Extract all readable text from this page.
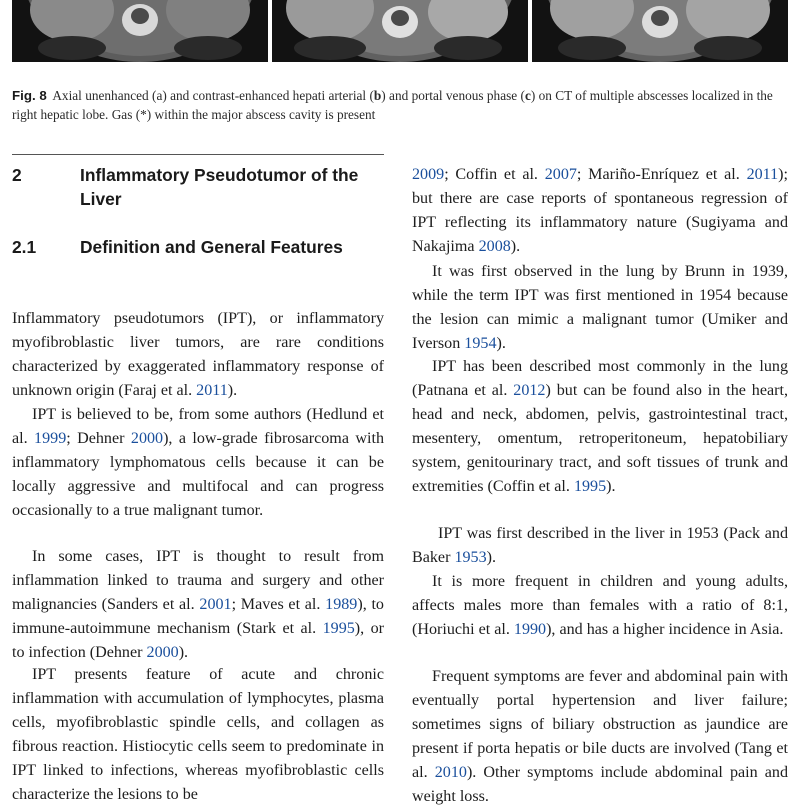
Fig. 8 Axial unenhanced (a) and contrast-enhanced hepati arterial (b) and portal venous phase (c) on CT of multiple abscesses localized in the right hepatic lobe. Gas (*) within the major abscess cavity is present
2	Inflammatory Pseudotumor of the Liver
2.1	Definition and General Features

Inflammatory pseudotumors (IPT), or inflammatory myofibroblastic liver tumors, are rare conditions characterized by exaggerated inflammatory response of unknown origin (Faraj et al. 2011).

IPT is believed to be, from some authors (Hedlund et al. 1999; Dehner 2000), a low-grade fibrosarcoma with inflammatory lymphomatous cells because it can be locally aggressive and multifocal and can progress occasionally to a true malignant tumor.

In some cases, IPT is thought to result from inflammation linked to trauma and surgery and other malignancies (Sanders et al. 2001; Maves et al. 1989), to immune-autoimmune mechanism (Stark et al. 1995), or to infection (Dehner 2000).

IPT presents feature of acute and chronic inflammation with accumulation of lymphocytes, plasma cells, myofibroblastic spindle cells, and collagen as fibrous reaction. Histiocytic cells seem to predominate in IPT linked to infections, whereas myofibroblastic cells characterize the lesions to be

2009; Coffin et al. 2007; Mariño-Enríquez et al. 2011); but there are case reports of spontaneous regression of IPT reflecting its inflammatory nature (Sugiyama and Nakajima 2008).

It was first observed in the lung by Brunn in 1939, while the term IPT was first mentioned in 1954 because the lesion can mimic a malignant tumor (Umiker and Iverson 1954).

IPT has been described most commonly in the lung (Patnana et al. 2012) but can be found also in the heart, head and neck, abdomen, pelvis, gastrointestinal tract, mesentery, omentum, retroperitoneum, hepatobiliary system, genitourinary tract, and soft tissues of trunk and extremities (Coffin et al. 1995).

IPT was first described in the liver in 1953 (Pack and Baker 1953).

It is more frequent in children and young adults, affects males more than females with a ratio of 8:1, (Horiuchi et al. 1990), and has a higher incidence in Asia.

Frequent symptoms are fever and abdominal pain with eventually portal hypertension and liver failure; sometimes signs of biliary obstruction as jaundice are present if porta hepatis or bile ducts are involved (Tang et al. 2010). Other symptoms include abdominal pain and weight loss.
